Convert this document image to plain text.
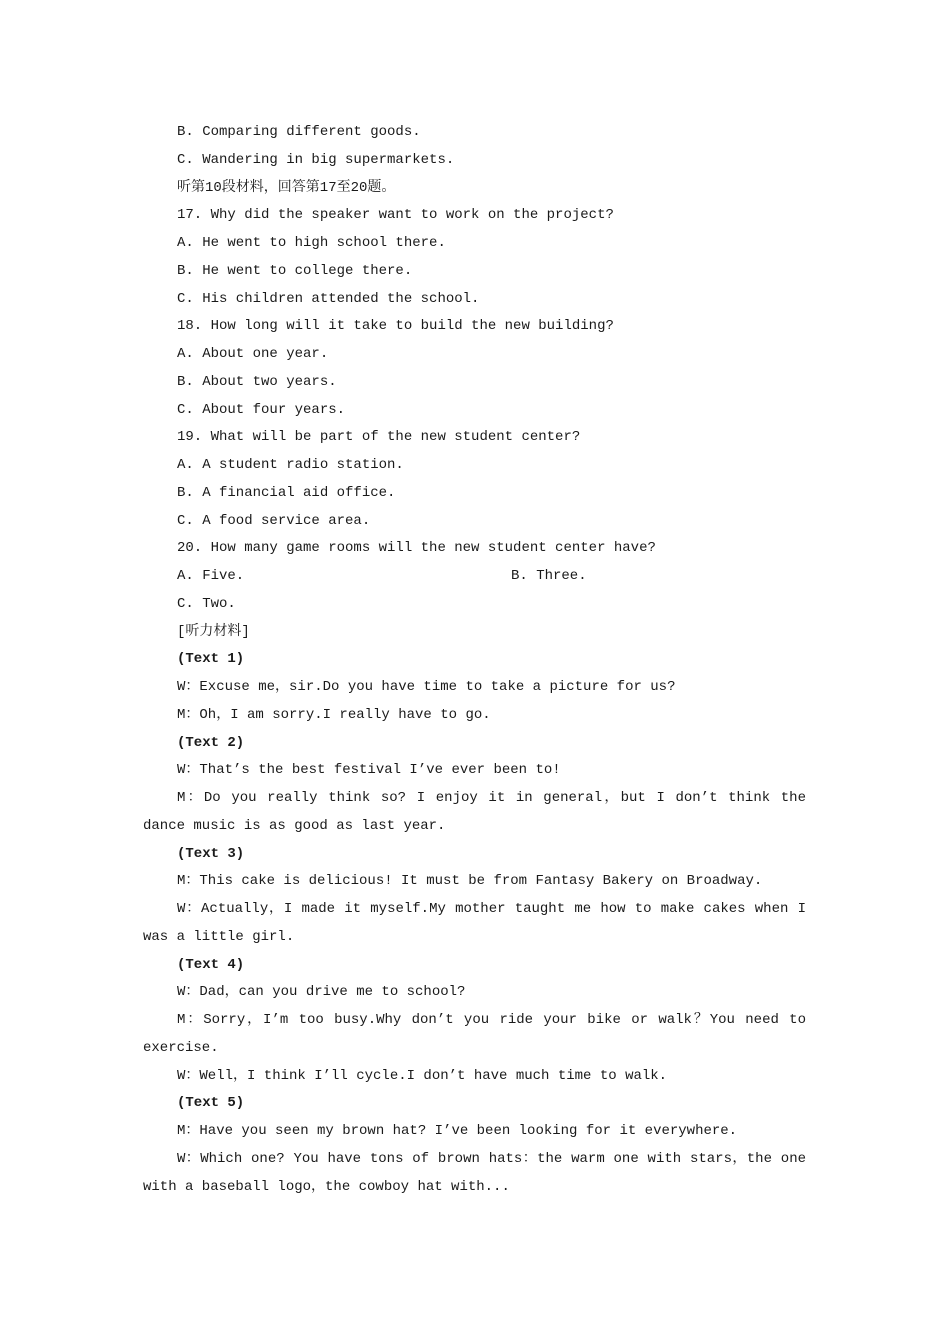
B. Comparing different goods.
C. Wandering in big supermarkets.
听第10段材料，回答第17至20题。
17. Why did the speaker want to work on the project?
A. He went to high school there.
B. He went to college there.
C. His children attended the school.
18. How long will it take to build the new building?
A. About one year.
B. About two years.
C. About four years.
19. What will be part of the new student center?
A. A student radio station.
B. A financial aid office.
C. A food service area.
20. How many game rooms will the new student center have?
A. Five.	B. Three.
C. Two.
[听力材料]
(Text 1)
W：Excuse me，sir.Do you have time to take a picture for us?
M：Oh，I am sorry.I really have to go.
(Text 2)
W：That’s the best festival I’ve ever been to!
M：Do you really think so? I enjoy it in general，but I don’t think the
dance music is as good as last year.
(Text 3)
M：This cake is delicious! It must be from Fantasy Bakery on Broadway.
W：Actually，I made it myself.My mother taught me how to make cakes when I
was a little girl.
(Text 4)
W：Dad，can you drive me to school?
M：Sorry，I’m too busy.Why don’t you ride your bike or walk？You need to
exercise.
W：Well，I think I’ll cycle.I don’t have much time to walk.
(Text 5)
M：Have you seen my brown hat? I’ve been looking for it everywhere.
W：Which one? You have tons of brown hats：the warm one with stars，the one
with a baseball logo，the cowboy hat with...
